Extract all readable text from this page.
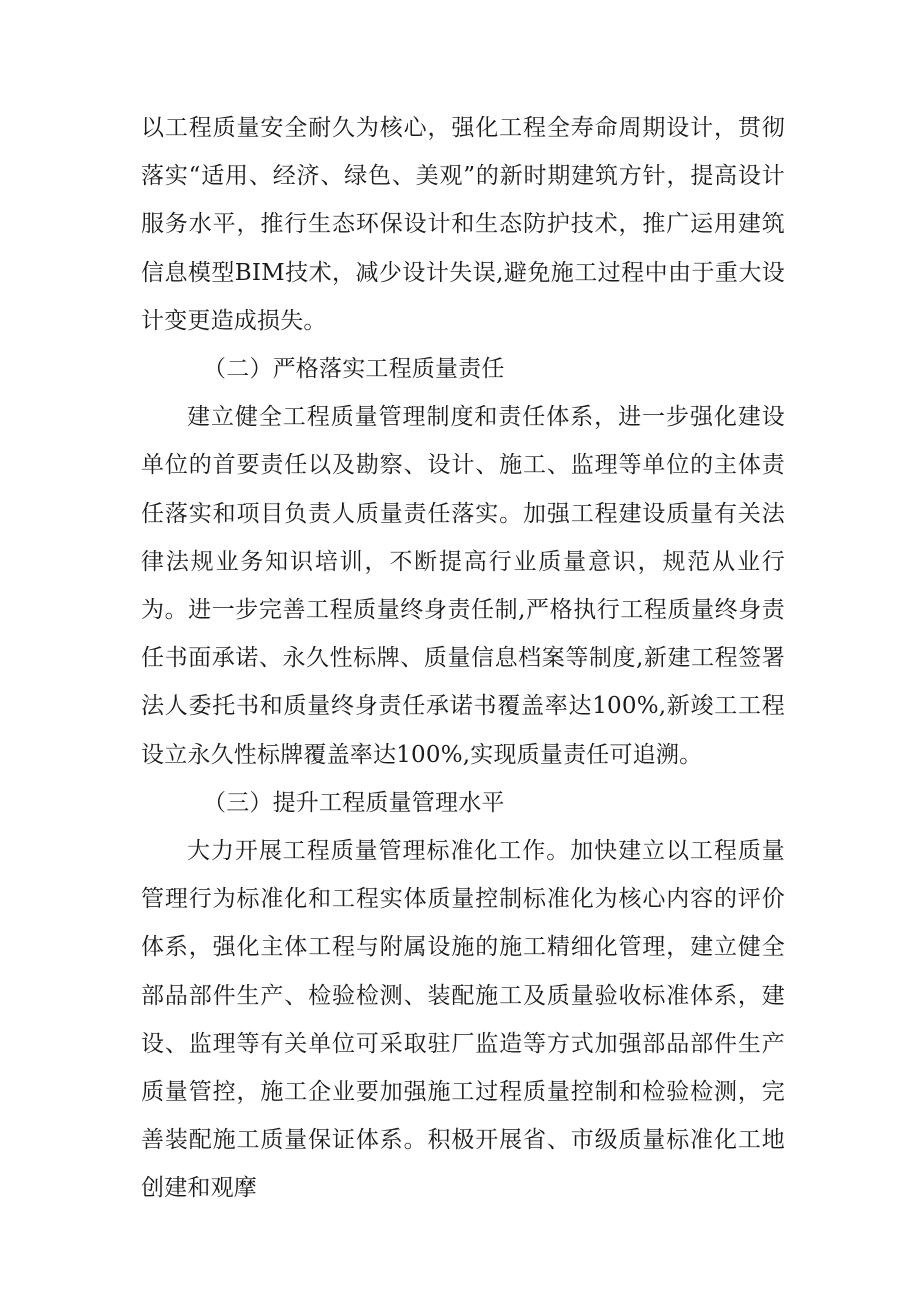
以工程质量安全耐久为核心，强化工程全寿命周期设计，贯彻落实“适用、经济、绿色、美观”的新时期建筑方针，提高设计服务水平，推行生态环保设计和生态防护技术，推广运用建筑信息模型BIM技术，减少设计失误,避免施工过程中由于重大设计变更造成损失。

（二）严格落实工程质量责任

建立健全工程质量管理制度和责任体系，进一步强化建设单位的首要责任以及勘察、设计、施工、监理等单位的主体责任落实和项目负责人质量责任落实。加强工程建设质量有关法律法规业务知识培训，不断提高行业质量意识，规范从业行为。进一步完善工程质量终身责任制,严格执行工程质量终身责任书面承诺、永久性标牌、质量信息档案等制度,新建工程签署法人委托书和质量终身责任承诺书覆盖率达100%,新竣工工程设立永久性标牌覆盖率达100%,实现质量责任可追溯。

（三）提升工程质量管理水平

大力开展工程质量管理标准化工作。加快建立以工程质量管理行为标准化和工程实体质量控制标准化为核心内容的评价体系，强化主体工程与附属设施的施工精细化管理，建立健全部品部件生产、检验检测、装配施工及质量验收标准体系，建设、监理等有关单位可采取驻厂监造等方式加强部品部件生产质量管控，施工企业要加强施工过程质量控制和检验检测，完善装配施工质量保证体系。积极开展省、市级质量标准化工地创建和观摩
